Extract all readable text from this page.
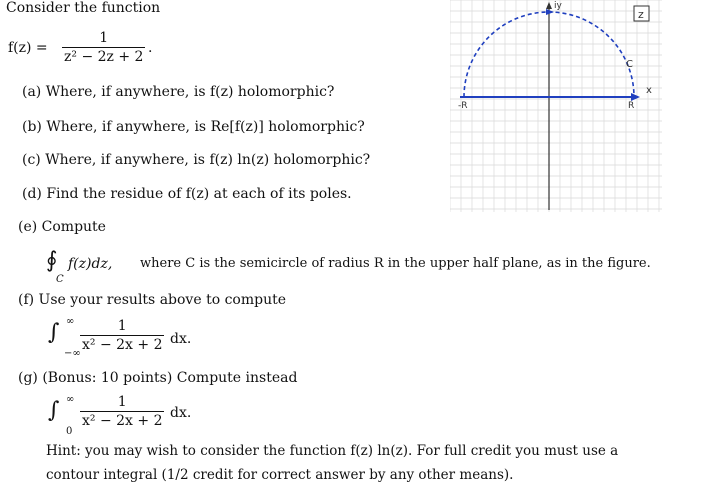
Consider the function
f(z) =
1
z² − 2z + 2
.
(a) Where, if anywhere, is f(z) holomorphic?
(b) Where, if anywhere, is Re[f(z)] holomorphic?
(c) Where, if anywhere, is f(z) ln(z) holomorphic?
(d) Find the residue of f(z) at each of its poles.
(e) Compute
∮
C
f(z)dz, where C is the semicircle of radius R in the upper half plane, as in the figure.
(f) Use your results above to compute
∫ ∞
−∞
1
x² − 2x + 2 dx.
(g) (Bonus: 10 points) Compute instead
∫ ∞
0
1
x² − 2x + 2 dx.
Hint: you may wish to consider the function f(z) ln(z). For full credit you must use a
contour integral (1/2 credit for correct answer by any other means).
iy
z
C
x
-R	R
